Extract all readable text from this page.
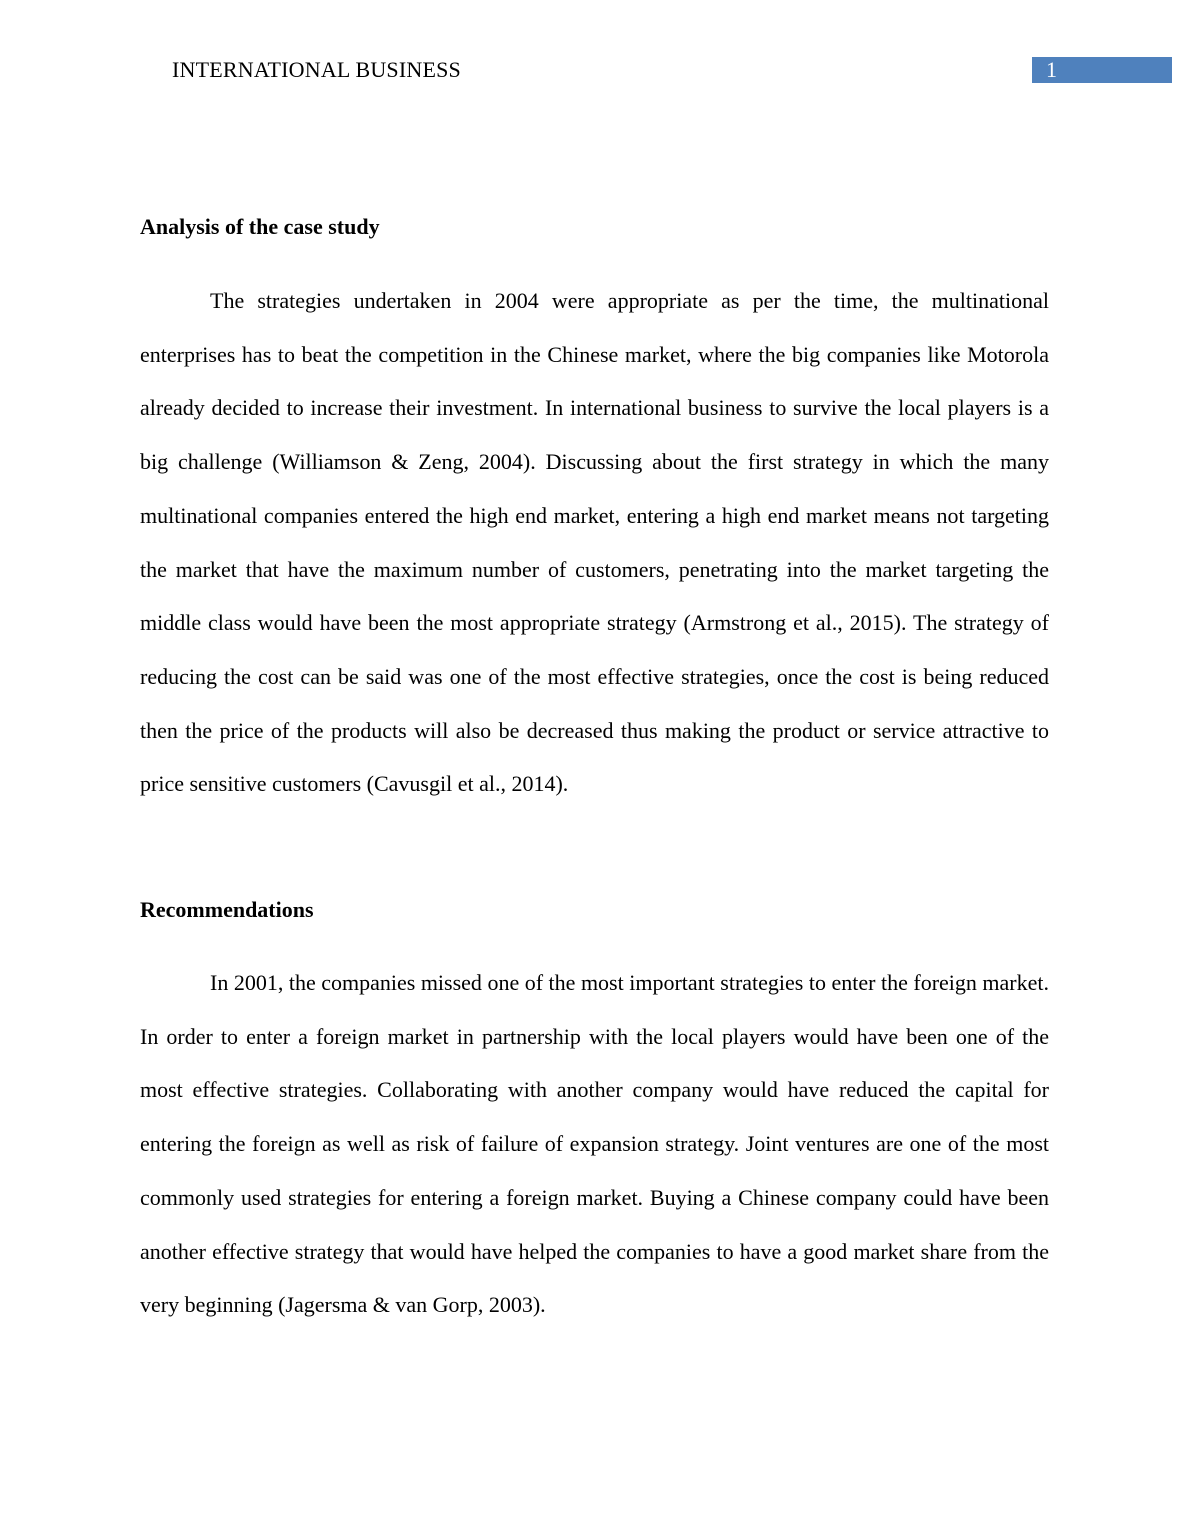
INTERNATIONAL BUSINESS	1
Analysis of the case study

The strategies undertaken in 2004 were appropriate as per the time, the multinational enterprises has to beat the competition in the Chinese market, where the big companies like Motorola already decided to increase their investment. In international business to survive the local players is a big challenge (Williamson & Zeng, 2004). Discussing about the first strategy in which the many multinational companies entered the high end market, entering a high end market means not targeting the market that have the maximum number of customers, penetrating into the market targeting the middle class would have been the most appropriate strategy (Armstrong et al., 2015). The strategy of reducing the cost can be said was one of the most effective strategies, once the cost is being reduced then the price of the products will also be decreased thus making the product or service attractive to price sensitive customers (Cavusgil et al., 2014).

Recommendations

In 2001, the companies missed one of the most important strategies to enter the foreign market. In order to enter a foreign market in partnership with the local players would have been one of the most effective strategies. Collaborating with another company would have reduced the capital for entering the foreign as well as risk of failure of expansion strategy. Joint ventures are one of the most commonly used strategies for entering a foreign market. Buying a Chinese company could have been another effective strategy that would have helped the companies to have a good market share from the very beginning (Jagersma & van Gorp, 2003).
